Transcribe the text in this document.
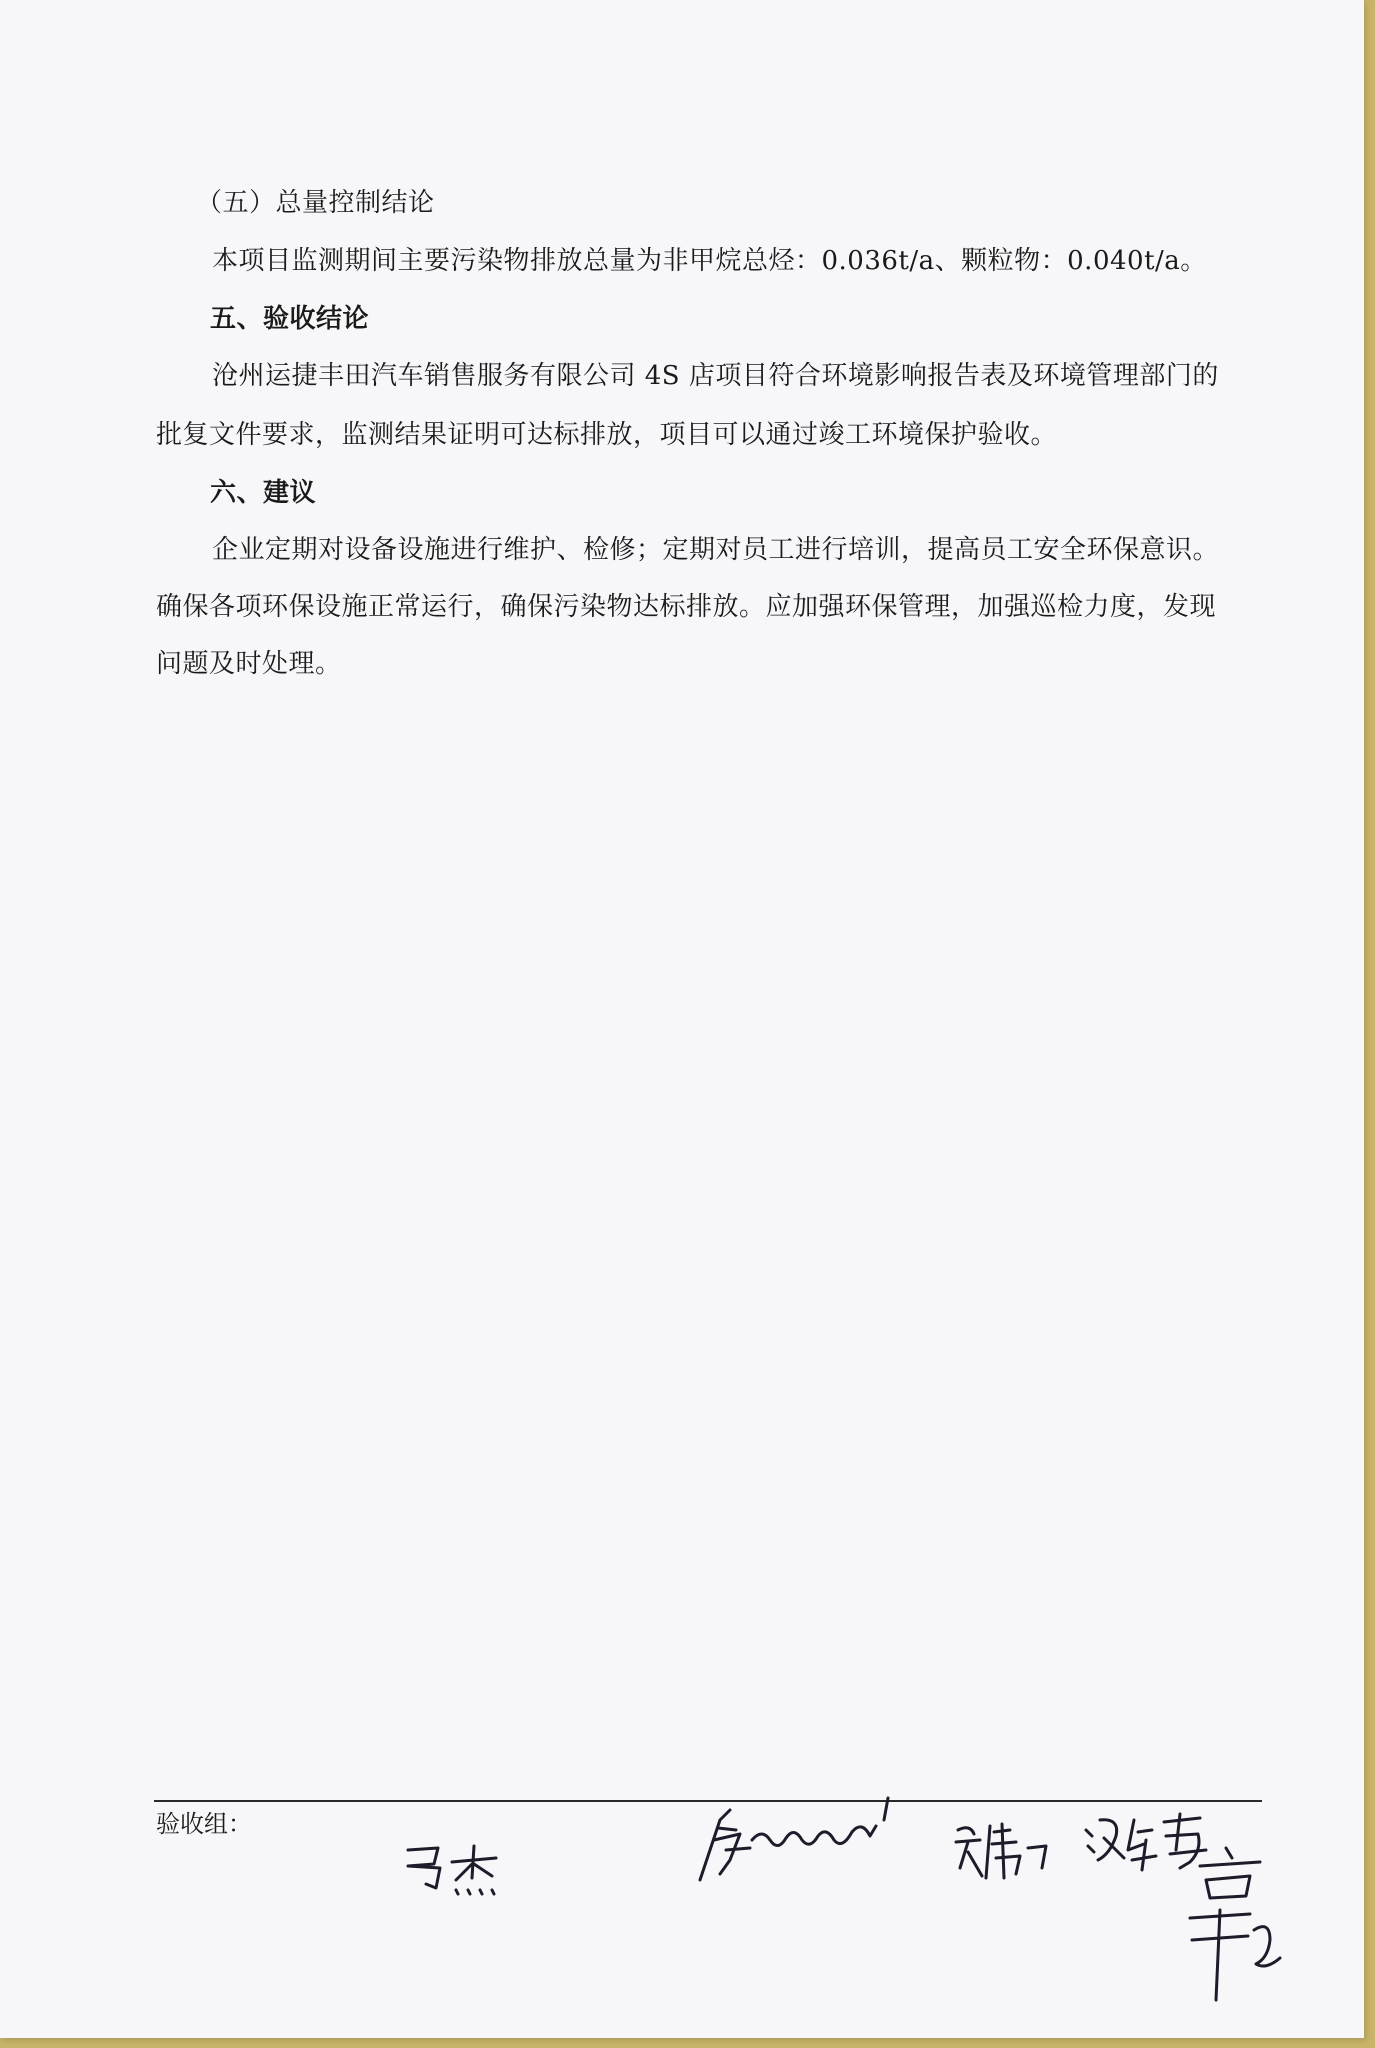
（五）总量控制结论
本项目监测期间主要污染物排放总量为非甲烷总烃：0.036t/a、颗粒物：0.040t/a。
五、验收结论
沧州运捷丰田汽车销售服务有限公司 4S 店项目符合环境影响报告表及环境管理部门的
批复文件要求，监测结果证明可达标排放，项目可以通过竣工环境保护验收。
六、建议
企业定期对设备设施进行维护、检修；定期对员工进行培训，提高员工安全环保意识。
确保各项环保设施正常运行，确保污染物达标排放。应加强环保管理，加强巡检力度，发现
问题及时处理。
验收组：
